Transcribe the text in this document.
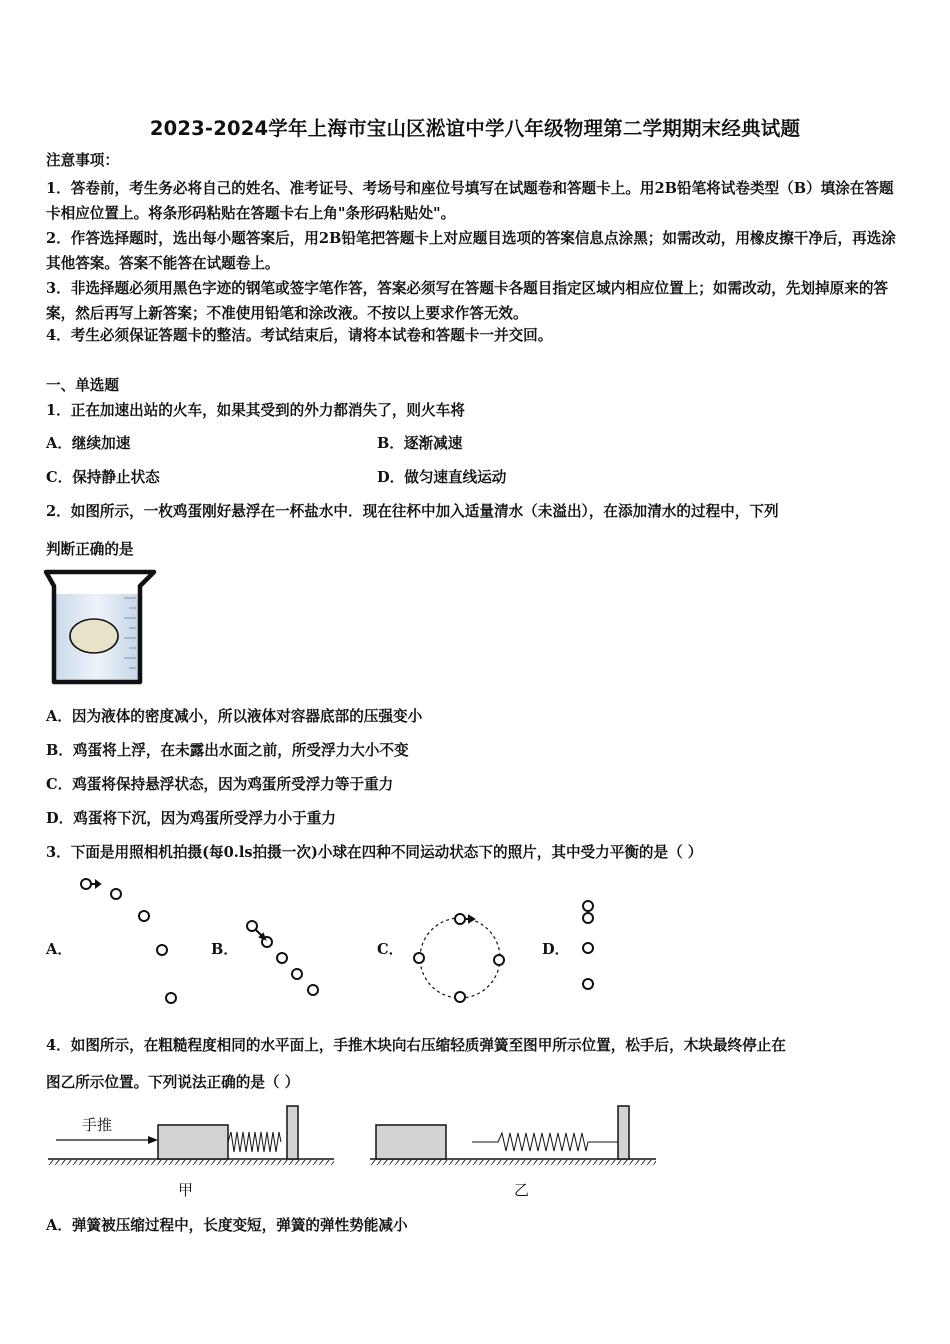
2023-2024学年上海市宝山区淞谊中学八年级物理第二学期期末经典试题
注意事项：
1．答卷前，考生务必将自己的姓名、准考证号、考场号和座位号填写在试题卷和答题卡上。用2B铅笔将试卷类型（B）填涂在答题卡相应位置上。将条形码粘贴在答题卡右上角"条形码粘贴处"。
2．作答选择题时，选出每小题答案后，用2B铅笔把答题卡上对应题目选项的答案信息点涂黑；如需改动，用橡皮擦干净后，再选涂其他答案。答案不能答在试题卷上。
3．非选择题必须用黑色字迹的钢笔或签字笔作答，答案必须写在答题卡各题目指定区域内相应位置上；如需改动，先划掉原来的答案，然后再写上新答案；不准使用铅笔和涂改液。不按以上要求作答无效。
4．考生必须保证答题卡的整洁。考试结束后，请将本试卷和答题卡一并交回。
一、单选题
1．正在加速出站的火车，如果其受到的外力都消失了，则火车将
A．继续加速	B．逐渐减速
C．保持静止状态	D．做匀速直线运动
2．如图所示，一枚鸡蛋刚好悬浮在一杯盐水中．现在往杯中加入适量清水（未溢出），在添加清水的过程中，下列
判断正确的是
A．因为液体的密度减小，所以液体对容器底部的压强变小
B．鸡蛋将上浮，在未露出水面之前，所受浮力大小不变
C．鸡蛋将保持悬浮状态，因为鸡蛋所受浮力等于重力
D．鸡蛋将下沉，因为鸡蛋所受浮力小于重力
3．下面是用照相机拍摄(每0.ls拍摄一次)小球在四种不同运动状态下的照片，其中受力平衡的是（ ）
A．	B．	C．	D．
4．如图所示，在粗糙程度相同的水平面上，手推木块向右压缩轻质弹簧至图甲所示位置，松手后，木块最终停止在
图乙所示位置。下列说法正确的是（ ）
手推
甲	乙
A．弹簧被压缩过程中，长度变短，弹簧的弹性势能减小
